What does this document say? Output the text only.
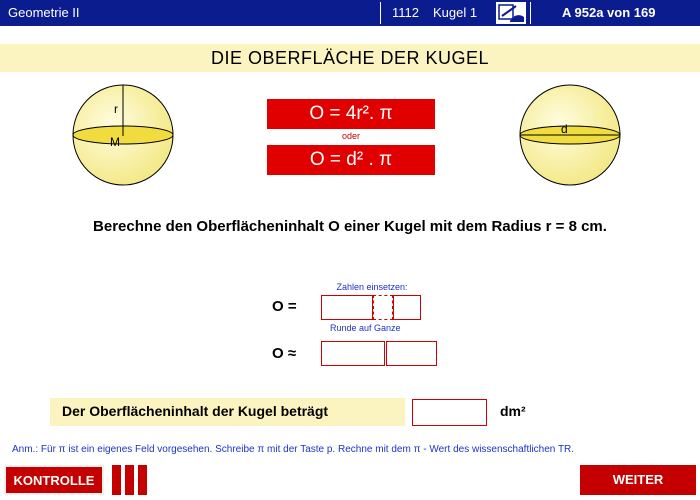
Geometrie II	1112 Kugel 1	A 952a von 169
DIE OBERFLÄCHE DER KUGEL
r
M
d
O = 4r². π
oder
O = d² . π
Berechne den Oberflächeninhalt O einer Kugel mit dem Radius r = 8 cm.
Zahlen einsetzen:
O =
Runde auf Ganze
O ≈
Der Oberflächeninhalt der Kugel beträgt	dm²
Anm.: Für π ist ein eigenes Feld vorgesehen. Schreibe π mit der Taste p. Rechne mit dem π - Wert des wissenschaftlichen TR.
KONTROLLE	WEITER
